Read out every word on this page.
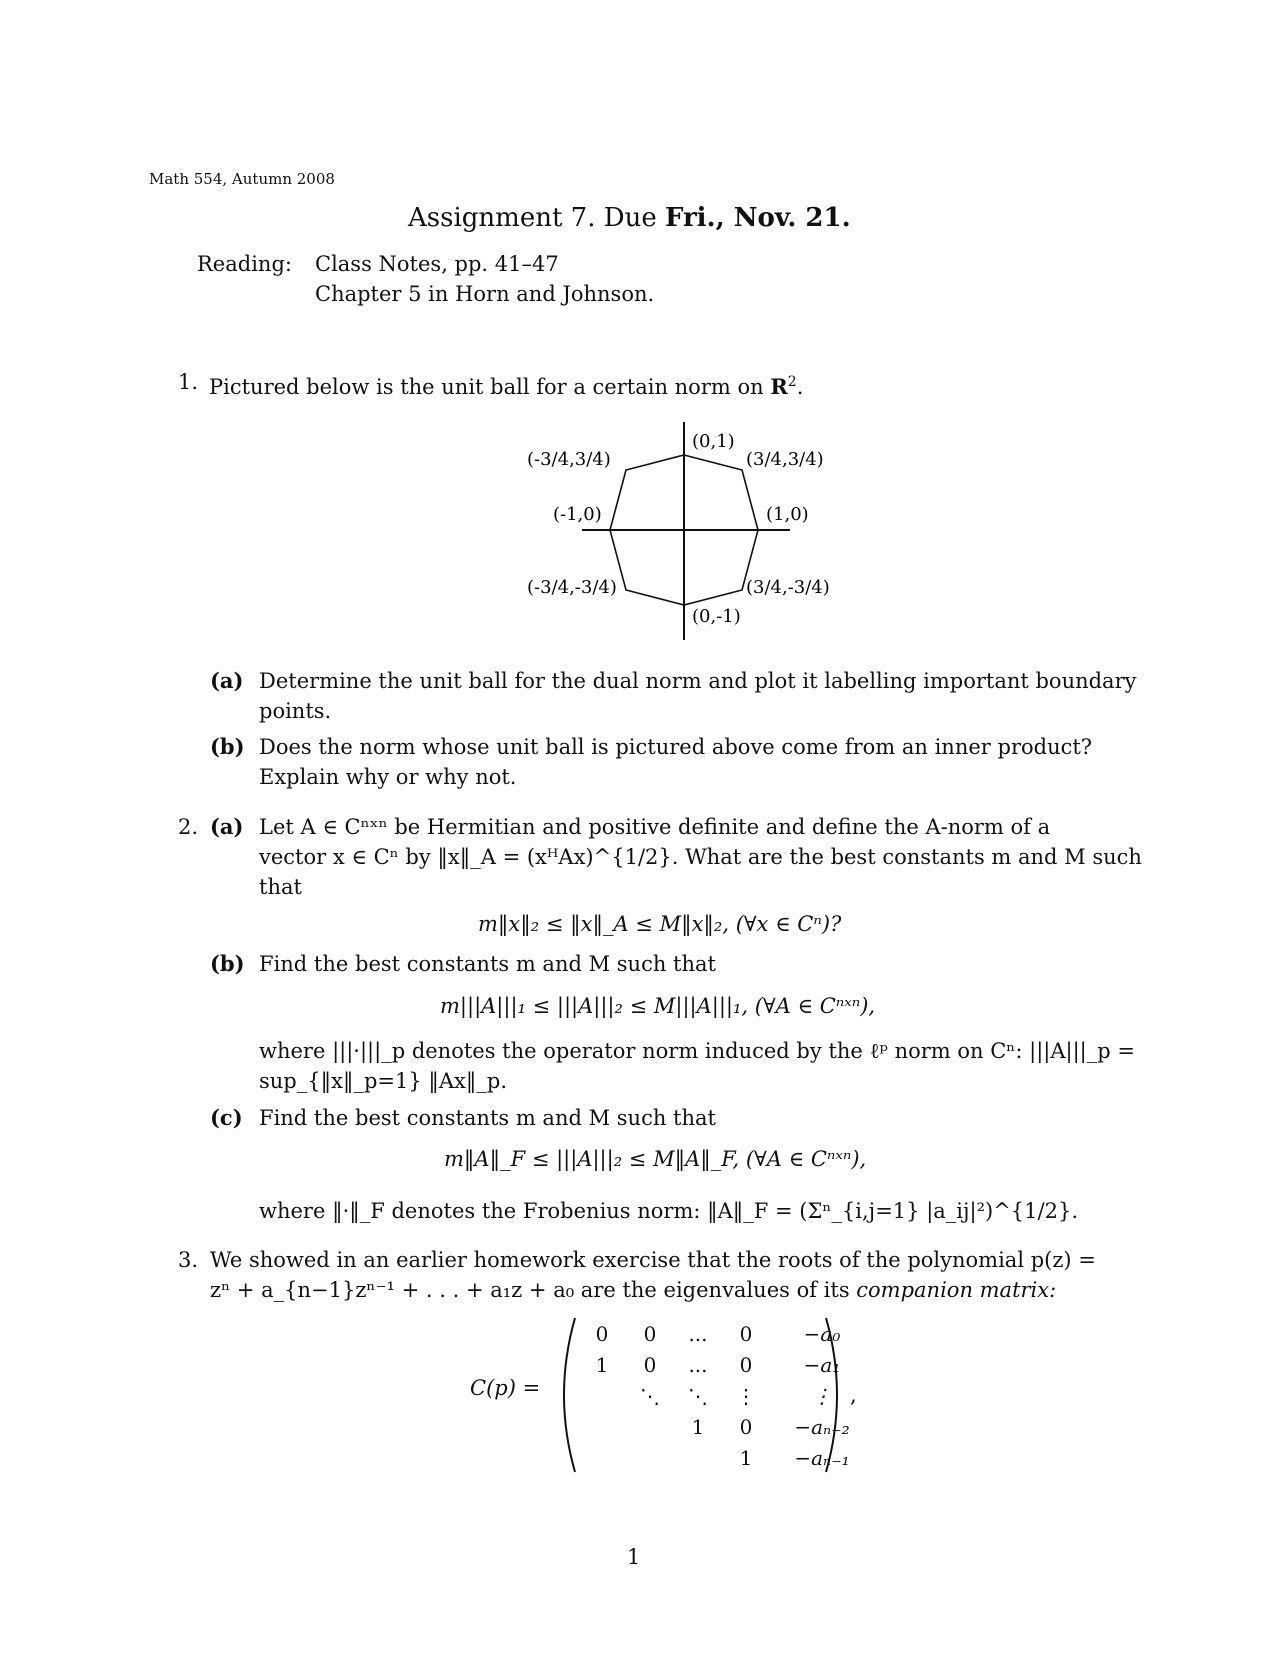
Math 554, Autumn 2008
Assignment 7. Due Fri., Nov. 21.
Reading: Class Notes, pp. 41–47
Chapter 5 in Horn and Johnson.
1. Pictured below is the unit ball for a certain norm on $R^2$.
(0,1)
(-3/4,3/4)	(3/4,3/4)
(-1,0)	(1,0)
(-3/4,-3/4)	(3/4,-3/4)
(0,-1)
(a) Determine the unit ball for the dual norm and plot it labelling important boundary
points.
(b) Does the norm whose unit ball is pictured above come from an inner product?
Explain why or why not.
2. (a) Let A ∈ Cⁿˣⁿ be Hermitian and positive definite and define the A-norm of a
vector x ∈ Cⁿ by ‖x‖_A = (xᴴAx)^{1/2}. What are the best constants m and M such
that
m‖x‖₂ ≤ ‖x‖_A ≤ M‖x‖₂, (∀x ∈ Cⁿ)?
(b) Find the best constants m and M such that
m|||A|||₁ ≤ |||A|||₂ ≤ M|||A|||₁, (∀A ∈ Cⁿˣⁿ),
where |||·|||_p denotes the operator norm induced by the ℓᵖ norm on Cⁿ: |||A|||_p =
sup_{‖x‖_p=1} ‖Ax‖_p.
(c) Find the best constants m and M such that
m‖A‖_F ≤ |||A|||₂ ≤ M‖A‖_F, (∀A ∈ Cⁿˣⁿ),
where ‖·‖_F denotes the Frobenius norm: ‖A‖_F = (Σⁿ_{i,j=1} |a_ij|²)^{1/2}.
3. We showed in an earlier homework exercise that the roots of the polynomial p(z) =
zⁿ + a_{n−1}zⁿ⁻¹ + . . . + a₁z + a₀ are the eigenvalues of its companion matrix:
C(p) =
0	0	...	0	−a₀
1	0	...	0	−a₁
	⋱	⋱	⋮	⋮
		1	0	−aₙ₋₂
			1	−aₙ₋₁
,
1
